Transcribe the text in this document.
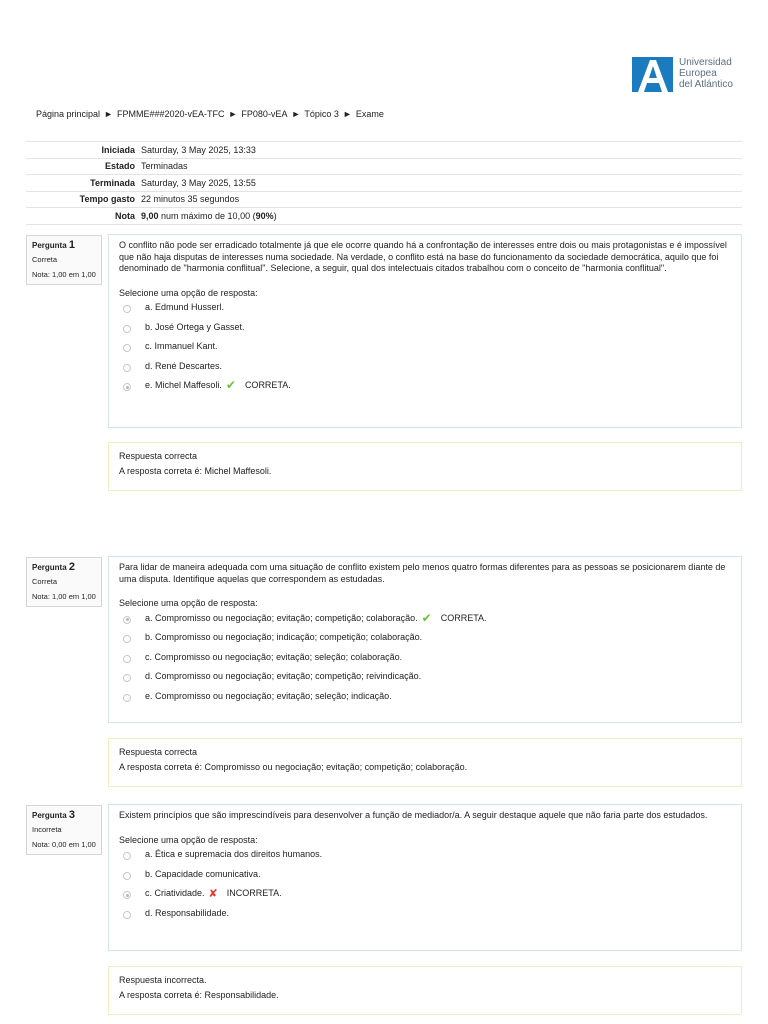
Universidad
Europea
del Atlántico
Página principal ► FPMME###2020-vEA-TFC ► FP080-vEA ► Tópico 3 ► Exame
Iniciada	Saturday, 3 May 2025, 13:33
Estado	Terminadas
Terminada	Saturday, 3 May 2025, 13:55
Tempo gasto	22 minutos 35 segundos
Nota	9,00 num máximo de 10,00 (90%)
Pergunta 1
Correta
Nota: 1,00 em 1,00
O conflito não pode ser erradicado totalmente já que ele ocorre quando há a confrontação de interesses entre dois ou mais protagonistas e é impossível que não haja disputas de interesses numa sociedade. Na verdade, o conflito está na base do funcionamento da sociedade democrática, aquilo que foi denominado de "harmonia conflitual". Selecione, a seguir, qual dos intelectuais citados trabalhou com o conceito de "harmonia conflitual".
Selecione uma opção de resposta:
a. Edmund Husserl.
b. José Ortega y Gasset.
c. Immanuel Kant.
d. René Descartes.
e. Michel Maffesoli. ✔ CORRETA.
Respuesta correcta
A resposta correta é: Michel Maffesoli.
Pergunta 2
Correta
Nota: 1,00 em 1,00
Para lidar de maneira adequada com uma situação de conflito existem pelo menos quatro formas diferentes para as pessoas se posicionarem diante de uma disputa. Identifique aquelas que correspondem as estudadas.
Selecione uma opção de resposta:
a. Compromisso ou negociação; evitação; competição; colaboração. ✔ CORRETA.
b. Compromisso ou negociação; indicação; competição; colaboração.
c. Compromisso ou negociação; evitação; seleção; colaboração.
d. Compromisso ou negociação; evitação; competição; reivindicação.
e. Compromisso ou negociação; evitação; seleção; indicação.
Respuesta correcta
A resposta correta é: Compromisso ou negociação; evitação; competição; colaboração.
Pergunta 3
Incorreta
Nota: 0,00 em 1,00
Existem princípios que são imprescindíveis para desenvolver a função de mediador/a. A seguir destaque aquele que não faria parte dos estudados.
Selecione uma opção de resposta:
a. Ética e supremacia dos direitos humanos.
b. Capacidade comunicativa.
c. Criatividade. ✘ INCORRETA.
d. Responsabilidade.
Respuesta incorrecta.
A resposta correta é: Responsabilidade.
